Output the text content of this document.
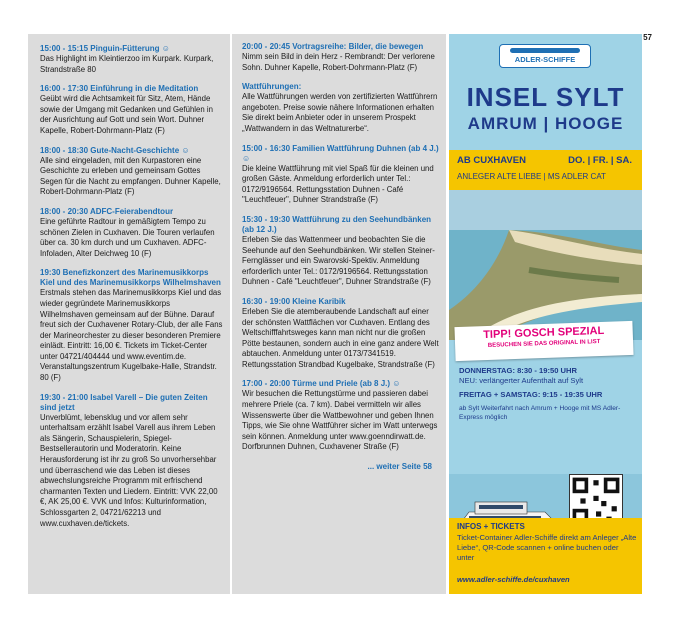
57
15:00 - 15:15 Pinguin-Fütterung ☺
Das Highlight im Kleintierzoo im Kurpark. Kurpark, Strandstraße 80
16:00 - 17:30 Einführung in die Meditation
Geübt wird die Achtsamkeit für Sitz, Atem, Hände sowie der Umgang mit Gedanken und Gefühlen in der Ausrichtung auf Gott und sein Wort. Duhner Kapelle, Robert-Dohrmann-Platz (F)
18:00 - 18:30 Gute-Nacht-Geschichte ☺
Alle sind eingeladen, mit den Kurpastoren eine Geschichte zu erleben und gemeinsam Gottes Segen für die Nacht zu empfangen. Duhner Kapelle, Robert-Dohrmann-Platz (F)
18:00 - 20:30 ADFC-Feierabendtour
Eine geführte Radtour in gemäßigtem Tempo zu schönen Zielen in Cuxhaven. Die Touren verlaufen über ca. 30 km durch und um Cuxhaven. ADFC-Infoladen, Alter Deichweg 10 (F)
19:30 Benefizkonzert des Marinemusikkorps Kiel und des Marinemusikkorps Wilhelmshaven
Erstmals stehen das Marinemusikkorps Kiel und das wieder gegründete Marinemusikkorps Wilhelmshaven gemeinsam auf der Bühne. Darauf freut sich der Cuxhavener Rotary-Club, der alle Fans der Marineorchester zu dieser besonderen Premiere einlädt. Eintritt: 16,00 €. Tickets im Ticket-Center unter 04721/404444 und www.eventim.de. Veranstaltungszentrum Kugelbake-Halle, Strandstr. 80 (F)
19:30 - 21:00 Isabel Varell – Die guten Zeiten sind jetzt
Unverblümt, lebensklug und vor allem sehr unterhaltsam erzählt Isabel Varell aus ihrem Leben als Sängerin, Schauspielerin, Spiegel-Bestsellerautorin und Moderatorin. Keine Herausforderung ist ihr zu groß So unvorhersehbar und überraschend wie das Leben ist dieses abwechslungsreiche Programm mit erfrischend charmanten Texten und Liedern. Eintritt: VVK 22,00 €, AK 25,00 €. VVK und Infos: Kulturinformation, Schlossgarten 2, 04721/62213 und www.cuxhaven.de/tickets.
20:00 - 20:45 Vortragsreihe: Bilder, die bewegen
Nimm sein Bild in dein Herz - Rembrandt: Der verlorene Sohn. Duhner Kapelle, Robert-Dohrmann-Platz (F)
Wattführungen:
Alle Wattführungen werden von zertifizierten Wattführern angeboten. Preise sowie nähere Informationen erhalten Sie direkt beim Anbieter oder in unserem Prospekt „Wattwandern in das Weltnaturerbe“.
15:00 - 16:30 Familien Wattführung Duhnen (ab 4 J.) ☺
Die kleine Wattführung mit viel Spaß für die kleinen und großen Gäste. Anmeldung erforderlich unter Tel.: 0172/9196564. Rettungsstation Duhnen - Café "Leuchtfeuer", Duhner Strandstraße (F)
15:30 - 19:30 Wattführung zu den Seehundbänken (ab 12 J.)
Erleben Sie das Wattenmeer und beobachten Sie die Seehunde auf den Seehundbänken. Wir stellen Steiner-Fernglässer und ein Swarovski-Spektiv. Anmeldung erforderlich unter Tel.: 0172/9196564. Rettungsstation Duhnen - Café "Leuchtfeuer", Duhner Strandstraße (F)
16:30 - 19:00 Kleine Karibik
Erleben Sie die atemberaubende Landschaft auf einer der schönsten Wattflächen vor Cuxhaven. Entlang des Weltschifffahrtsweges kann man nicht nur die großen Pötte bestaunen, sondern auch in eine ganz andere Welt abtauchen. Anmeldung unter 0173/7341519. Rettungsstation Strandbad Kugelbake, Strandstraße (F)
17:00 - 20:00 Türme und Priele (ab 8 J.) ☺
Wir besuchen die Rettungstürme und passieren dabei mehrere Priele (ca. 7 km). Dabei vermitteln wir alles Wissenswerte über die Wattbewohner und geben Ihnen Tipps, wie Sie ohne Wattführer sicher im Watt unterwegs sein können. Anmeldung unter www.goenndirwatt.de. Dorfbrunnen Duhnen, Cuxhavener Straße (F)
... weiter Seite 58
ADLER-SCHIFFE
INSEL SYLT
AMRUM | HOOGE
AB CUXHAVEN	DO. | FR. | SA.
ANLEGER ALTE LIEBE | MS ADLER CAT
TIPP! GOSCH SPEZIAL
BESUCHEN SIE DAS ORIGINAL IN LIST
DONNERSTAG: 8:30 - 19:50 UHR
NEU: verlängerter Aufenthalt auf Sylt
FREITAG + SAMSTAG: 9:15 - 19:35 UHR
ab Sylt Weiterfahrt nach Amrum + Hooge mit MS Adler-Express möglich
INFOS + TICKETS
Ticket-Container Adler-Schiffe direkt am Anleger „Alte Liebe“, QR-Code scannen + online buchen oder unter
www.adler-schiffe.de/cuxhaven
